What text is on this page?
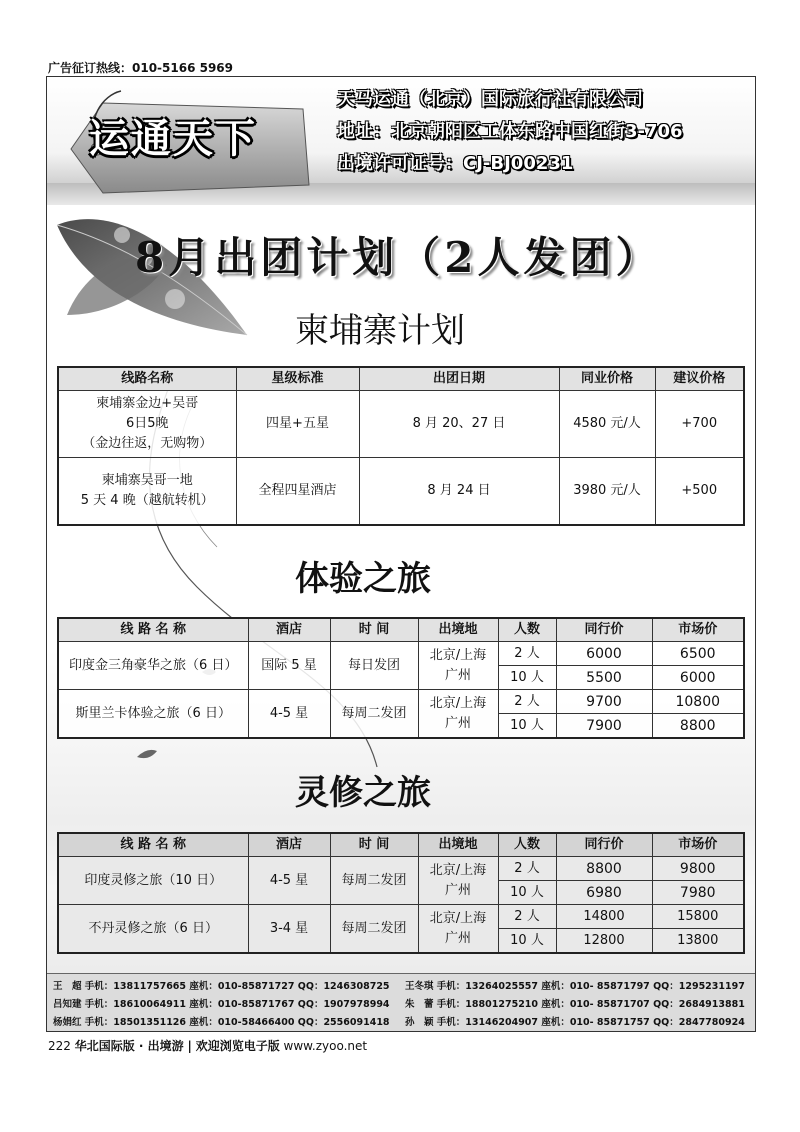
广告征订热线：010-5166 5969
运通天下
天马运通（北京）国际旅行社有限公司
地址：北京朝阳区工体东路中国红街3-706
出境许可证号：CJ-BJ00231
8月出团计划（2人发团）
柬埔寨计划
线路名称	星级标准	出团日期	同业价格	建议价格

柬埔寨金边+吴哥
6日5晚
（金边往返，无购物）	四星+五星	8 月 20、27 日	4580 元/人	+700

柬埔寨吴哥一地
5 天 4 晚（越航转机）	全程四星酒店	8 月 24 日	3980 元/人	+500
体验之旅
线 路 名 称	酒店	时 间	出境地	人数	同行价	市场价
印度金三角豪华之旅（6 日）	国际 5 星	每日发团	北京/上海
广州	2 人	6000	6500
				10 人	5500	6000
斯里兰卡体验之旅（6 日）	4-5 星	每周二发团	北京/上海
广州	2 人	9700	10800
				10 人	7900	8800
灵修之旅
线 路 名 称	酒店	时 间	出境地	人数	同行价	市场价
印度灵修之旅（10 日）	4-5 星	每周二发团	北京/上海
广州	2 人	8800	9800
				10 人	6980	7980
不丹灵修之旅（6 日）	3-4 星	每周二发团	北京/上海
广州	2 人	14800	15800
				10 人	12800	13800
王　超 手机：13811757665 座机：010-85871727 QQ：1246308725 王冬琪 手机：13264025557 座机：010- 85871797 QQ：1295231197
吕知建 手机：18610064911 座机：010-85871767 QQ：1907978994 朱　蕾 手机：18801275210 座机：010- 85871707 QQ：2684913881
杨娟红 手机：18501351126 座机：010-58466400 QQ：2556091418 孙　颖 手机：13146204907 座机：010- 85871757 QQ：2847780924
222 华北国际版 · 出境游 | 欢迎浏览电子版 www.zyoo.net
